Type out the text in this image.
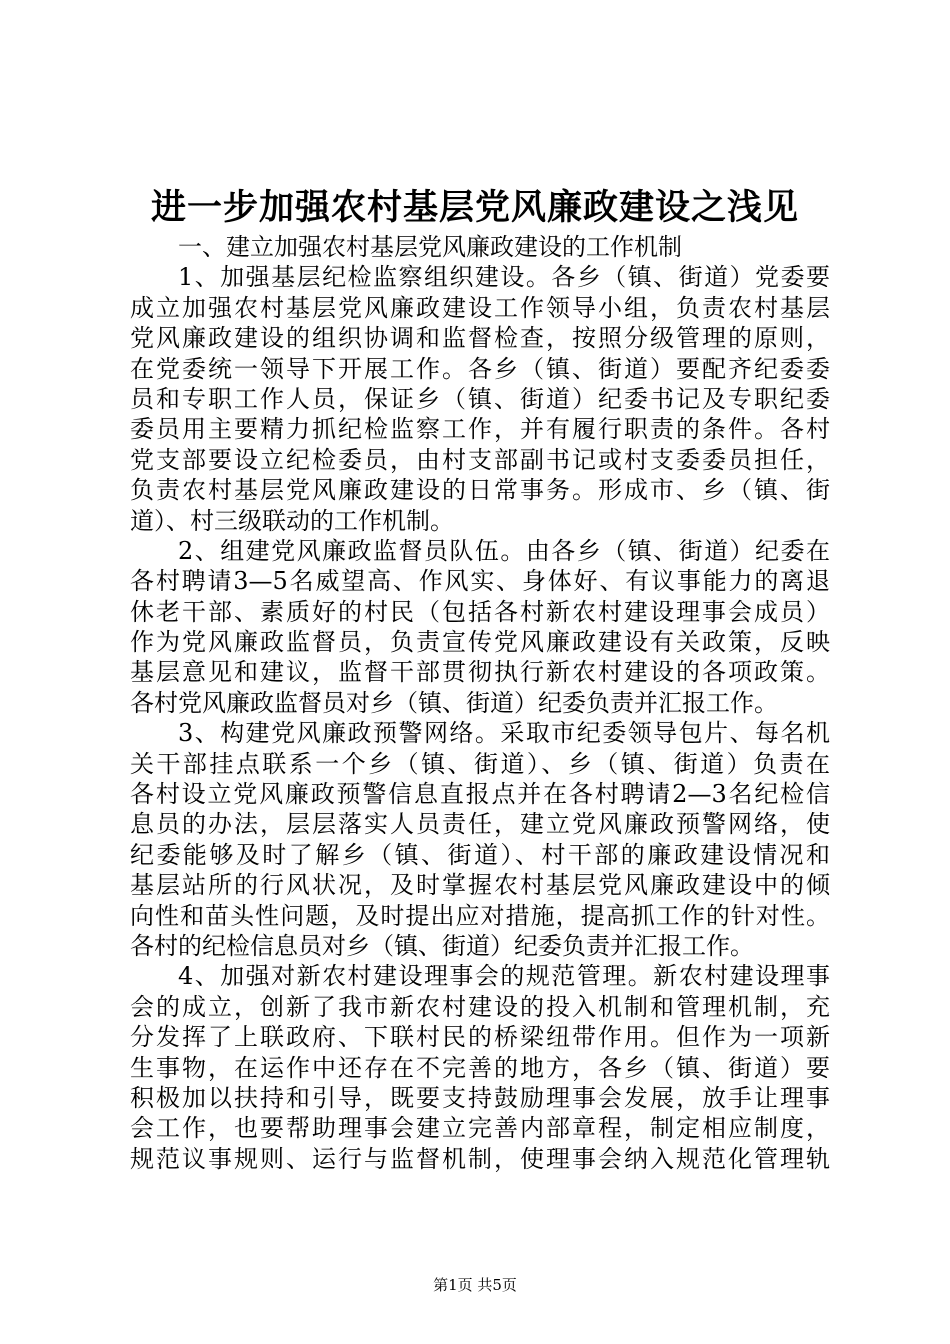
进一步加强农村基层党风廉政建设之浅见
一、建立加强农村基层党风廉政建设的工作机制
1、加强基层纪检监察组织建设。各乡（镇、街道）党委要
成立加强农村基层党风廉政建设工作领导小组，负责农村基层
党风廉政建设的组织协调和监督检查，按照分级管理的原则，
在党委统一领导下开展工作。各乡（镇、街道）要配齐纪委委
员和专职工作人员，保证乡（镇、街道）纪委书记及专职纪委
委员用主要精力抓纪检监察工作，并有履行职责的条件。各村
党支部要设立纪检委员，由村支部副书记或村支委委员担任，
负责农村基层党风廉政建设的日常事务。形成市、乡（镇、街
道）、村三级联动的工作机制。
2、组建党风廉政监督员队伍。由各乡（镇、街道）纪委在
各村聘请3—5名威望高、作风实、身体好、有议事能力的离退
休老干部、素质好的村民（包括各村新农村建设理事会成员）
作为党风廉政监督员，负责宣传党风廉政建设有关政策，反映
基层意见和建议，监督干部贯彻执行新农村建设的各项政策。
各村党风廉政监督员对乡（镇、街道）纪委负责并汇报工作。
3、构建党风廉政预警网络。采取市纪委领导包片、每名机
关干部挂点联系一个乡（镇、街道）、乡（镇、街道）负责在
各村设立党风廉政预警信息直报点并在各村聘请2—3名纪检信
息员的办法，层层落实人员责任，建立党风廉政预警网络，使
纪委能够及时了解乡（镇、街道）、村干部的廉政建设情况和
基层站所的行风状况，及时掌握农村基层党风廉政建设中的倾
向性和苗头性问题，及时提出应对措施，提高抓工作的针对性。
各村的纪检信息员对乡（镇、街道）纪委负责并汇报工作。
4、加强对新农村建设理事会的规范管理。新农村建设理事
会的成立，创新了我市新农村建设的投入机制和管理机制，充
分发挥了上联政府、下联村民的桥梁纽带作用。但作为一项新
生事物，在运作中还存在不完善的地方，各乡（镇、街道）要
积极加以扶持和引导，既要支持鼓励理事会发展，放手让理事
会工作，也要帮助理事会建立完善内部章程，制定相应制度，
规范议事规则、运行与监督机制，使理事会纳入规范化管理轨
第1页 共5页
